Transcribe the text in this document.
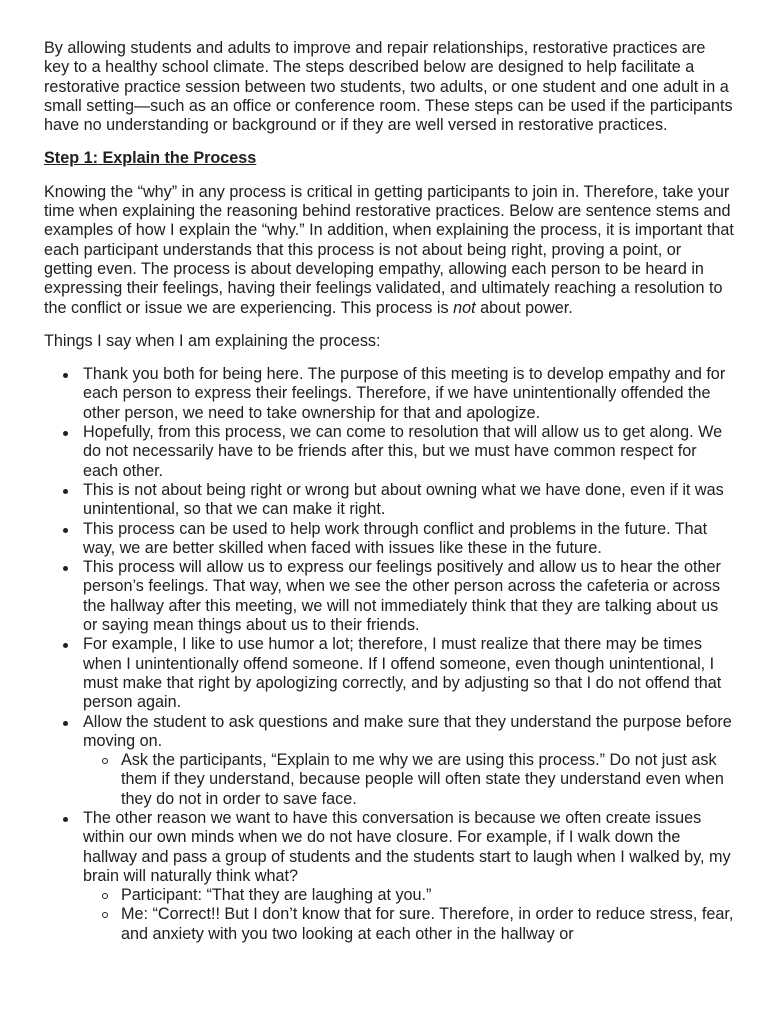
By allowing students and adults to improve and repair relationships, restorative practices are key to a healthy school climate. The steps described below are designed to help facilitate a restorative practice session between two students, two adults, or one student and one adult in a small setting—such as an office or conference room. These steps can be used if the participants have no understanding or background or if they are well versed in restorative practices.

Step 1: Explain the Process

Knowing the “why” in any process is critical in getting participants to join in. Therefore, take your time when explaining the reasoning behind restorative practices. Below are sentence stems and examples of how I explain the “why.” In addition, when explaining the process, it is important that each participant understands that this process is not about being right, proving a point, or getting even. The process is about developing empathy, allowing each person to be heard in expressing their feelings, having their feelings validated, and ultimately reaching a resolution to the conflict or issue we are experiencing. This process is not about power.

Things I say when I am explaining the process:

Thank you both for being here. The purpose of this meeting is to develop empathy and for each person to express their feelings. Therefore, if we have unintentionally offended the other person, we need to take ownership for that and apologize.
Hopefully, from this process, we can come to resolution that will allow us to get along. We do not necessarily have to be friends after this, but we must have common respect for each other.
This is not about being right or wrong but about owning what we have done, even if it was unintentional, so that we can make it right.
This process can be used to help work through conflict and problems in the future. That way, we are better skilled when faced with issues like these in the future.
This process will allow us to express our feelings positively and allow us to hear the other person’s feelings. That way, when we see the other person across the cafeteria or across the hallway after this meeting, we will not immediately think that they are talking about us or saying mean things about us to their friends.
For example, I like to use humor a lot; therefore, I must realize that there may be times when I unintentionally offend someone. If I offend someone, even though unintentional, I must make that right by apologizing correctly, and by adjusting so that I do not offend that person again.
Allow the student to ask questions and make sure that they understand the purpose before moving on.
Ask the participants, “Explain to me why we are using this process.” Do not just ask them if they understand, because people will often state they understand even when they do not in order to save face.
The other reason we want to have this conversation is because we often create issues within our own minds when we do not have closure. For example, if I walk down the hallway and pass a group of students and the students start to laugh when I walked by, my brain will naturally think what?
Participant: “That they are laughing at you.”
Me: “Correct!! But I don’t know that for sure. Therefore, in order to reduce stress, fear, and anxiety with you two looking at each other in the hallway or
